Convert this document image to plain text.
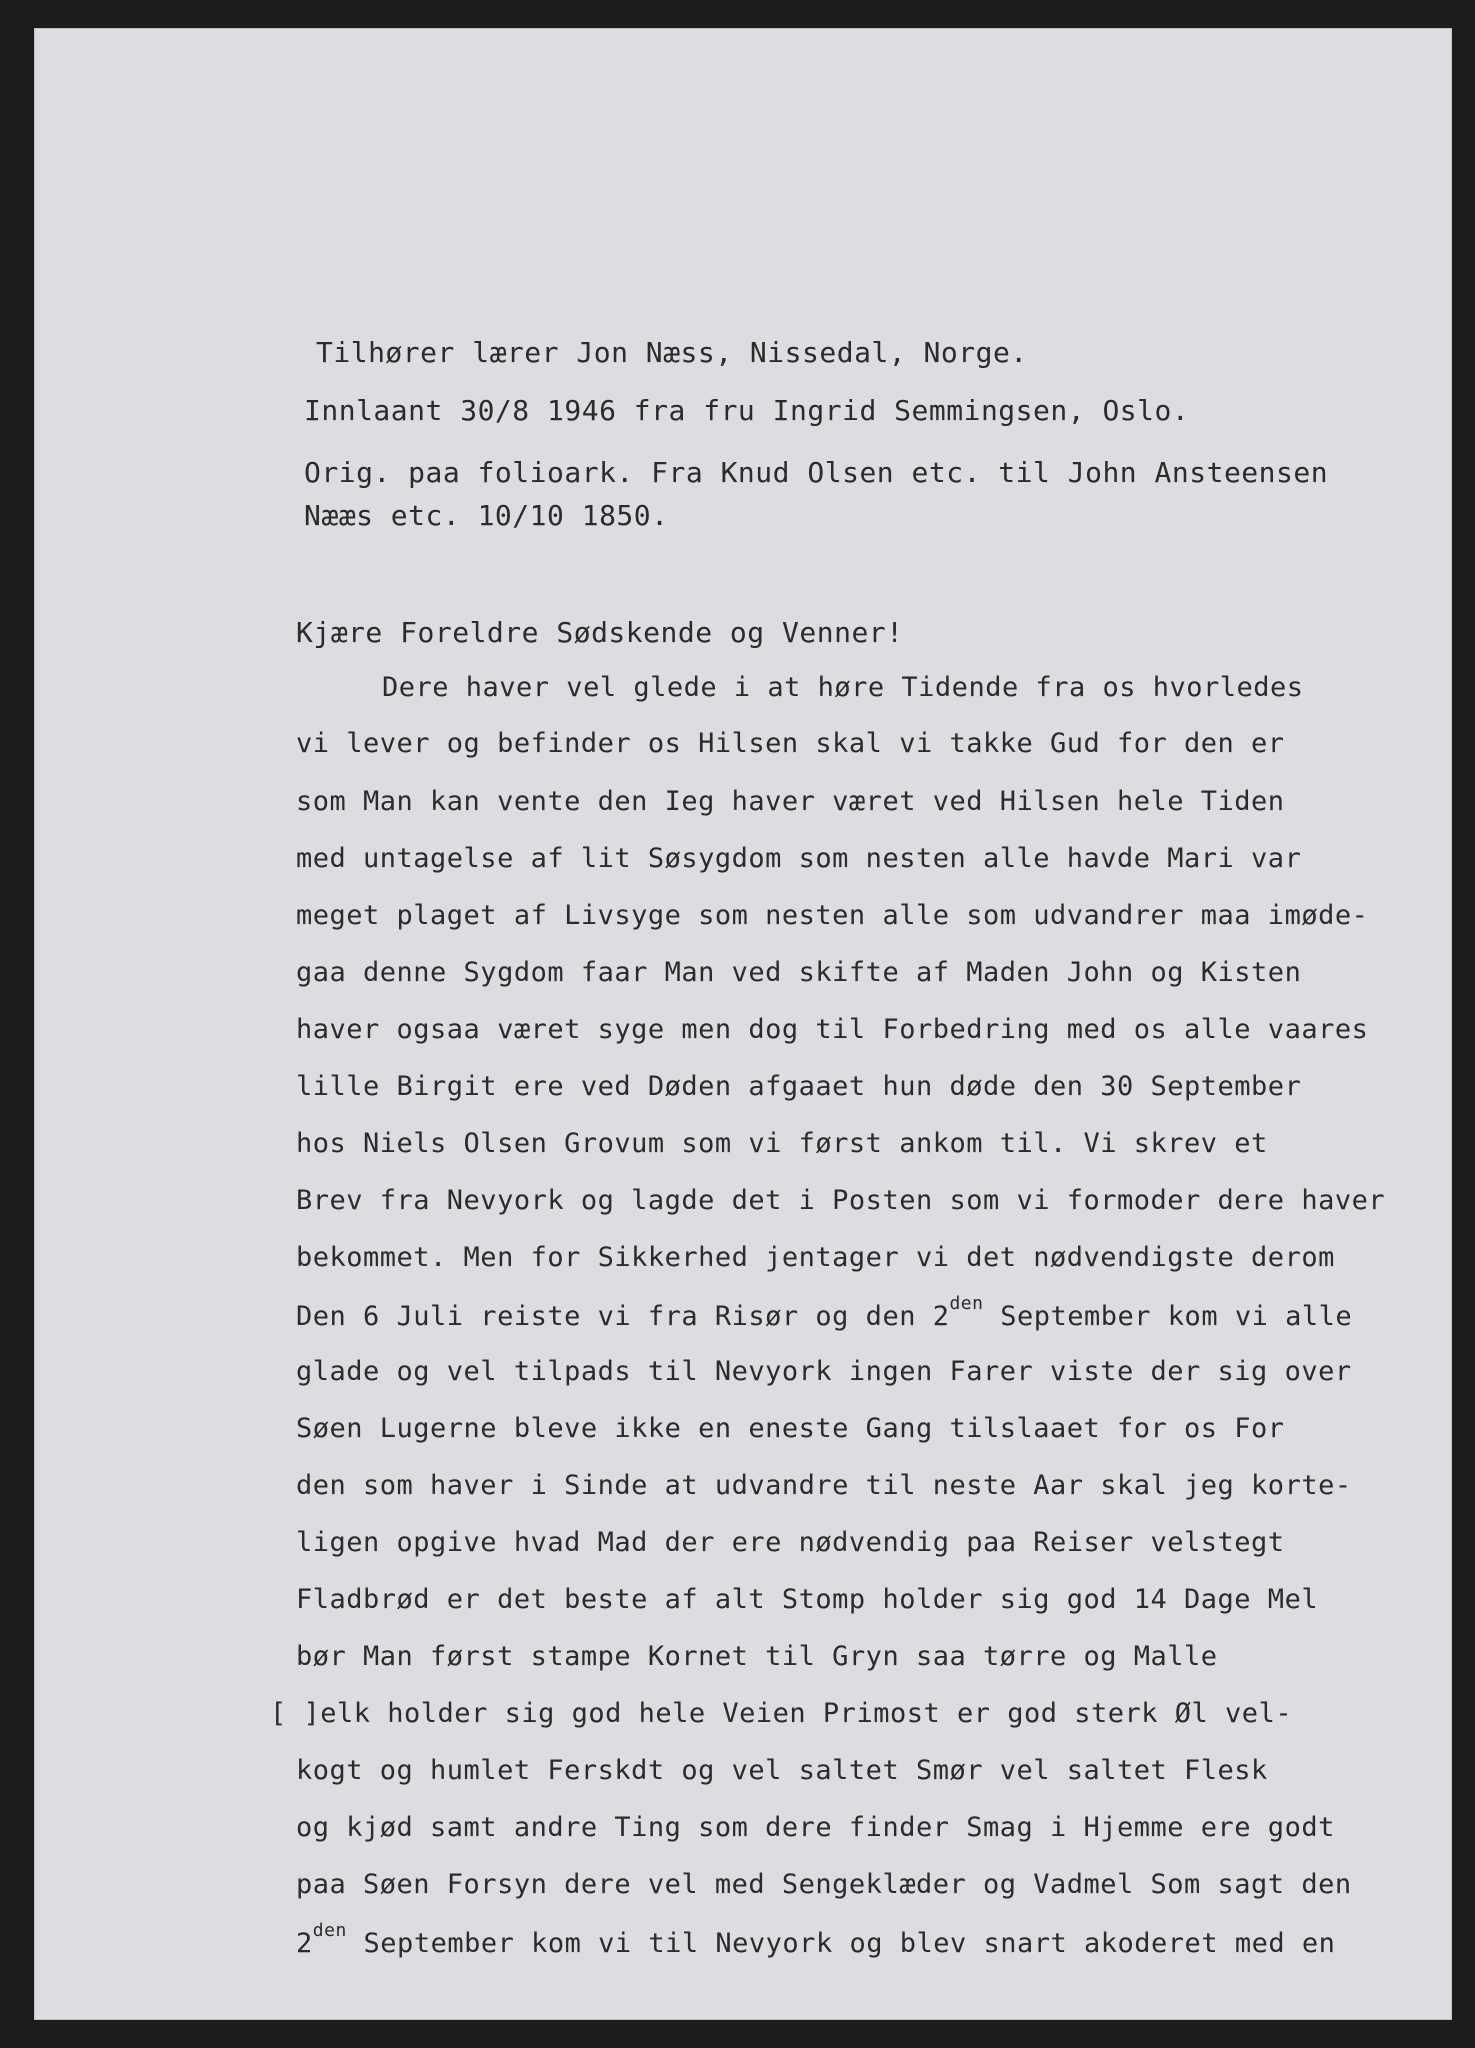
Tilhører lærer Jon Næss, Nissedal, Norge.
Innlaant 30/8 1946 fra fru Ingrid Semmingsen, Oslo.
Orig. paa folioark. Fra Knud Olsen etc. til John Ansteensen
Nææs etc. 10/10 1850.
Kjære Foreldre Sødskende og Venner!
Dere haver vel glede i at høre Tidende fra os hvorledes
vi lever og befinder os Hilsen skal vi takke Gud for den er
som Man kan vente den Ieg haver været ved Hilsen hele Tiden
med untagelse af lit Søsygdom som nesten alle havde Mari var
meget plaget af Livsyge som nesten alle som udvandrer maa imøde-
gaa denne Sygdom faar Man ved skifte af Maden John og Kisten
haver ogsaa været syge men dog til Forbedring med os alle vaares
lille Birgit ere ved Døden afgaaet hun døde den 30 September
hos Niels Olsen Grovum som vi først ankom til. Vi skrev et
Brev fra Nevyork og lagde det i Posten som vi formoder dere haver
bekommet. Men for Sikkerhed jentager vi det nødvendigste derom
Den 6 Juli reiste vi fra Risør og den $2^{den}$ September kom vi alle
glade og vel tilpads til Nevyork ingen Farer viste der sig over
Søen Lugerne bleve ikke en eneste Gang tilslaaet for os For
den som haver i Sinde at udvandre til neste Aar skal jeg korte-
ligen opgive hvad Mad der ere nødvendig paa Reiser velstegt
Fladbrød er det beste af alt Stomp holder sig god 14 Dage Mel
bør Man først stampe Kornet til Gryn saa tørre og Malle
[ ]elk holder sig god hele Veien Primost er god sterk Øl vel-
kogt og humlet Ferskdt og vel saltet Smør vel saltet Flesk
og kjød samt andre Ting som dere finder Smag i Hjemme ere godt
paa Søen Forsyn dere vel med Sengeklæder og Vadmel Som sagt den
$2^{den}$ September kom vi til Nevyork og blev snart akoderet med en
